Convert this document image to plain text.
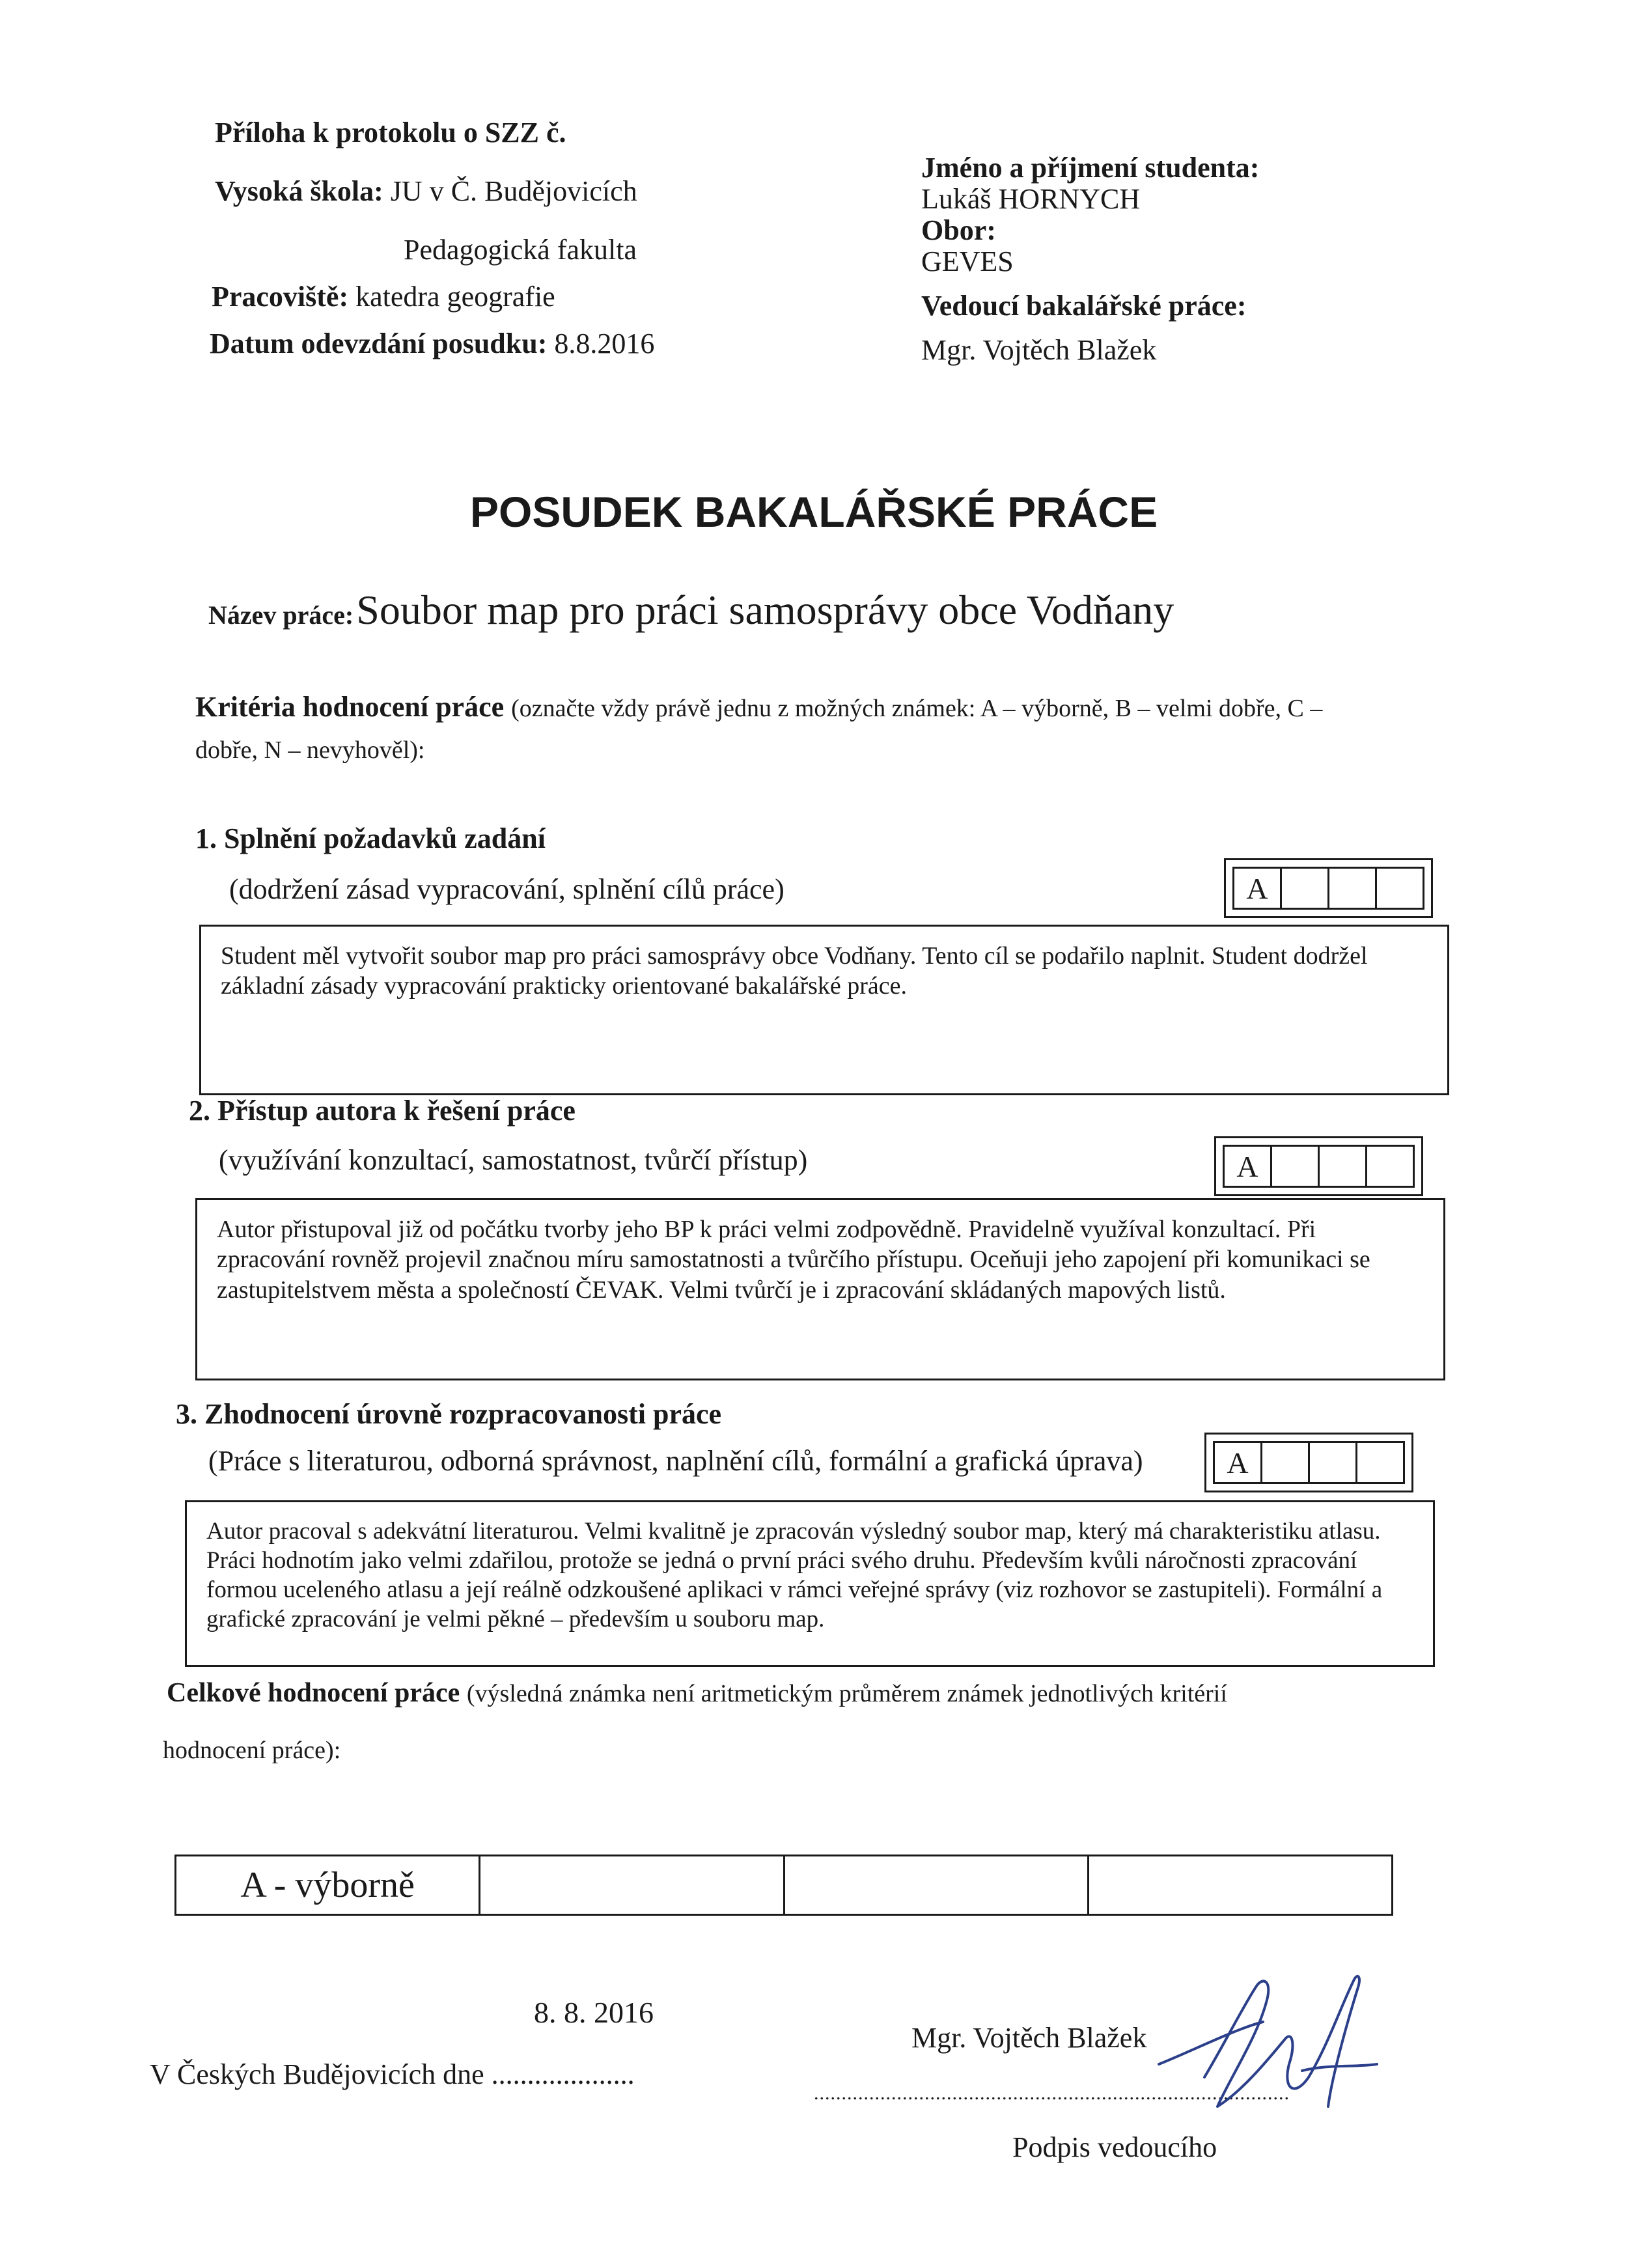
Příloha k protokolu o SZZ č.
Vysoká škola: JU v Č. Budějovicích
Pedagogická fakulta
Pracoviště: katedra geografie
Datum odevzdání posudku: 8.8.2016
Jméno a příjmení studenta:
Lukáš HORNYCH
Obor:
GEVES
Vedoucí bakalářské práce:
Mgr. Vojtěch Blažek
POSUDEK BAKALÁŘSKÉ PRÁCE
Název práce: Soubor map pro práci samosprávy obce Vodňany
Kritéria hodnocení práce (označte vždy právě jednu z možných známek: A – výborně, B – velmi dobře, C –
dobře, N – nevyhověl):
1. Splnění požadavků zadání
(dodržení zásad vypracování, splnění cílů práce)	A
Student měl vytvořit soubor map pro práci samosprávy obce Vodňany. Tento cíl se podařilo naplnit. Student dodržel základní zásady vypracování prakticky orientované bakalářské práce.
2. Přístup autora k řešení práce
(využívání konzultací, samostatnost, tvůrčí přístup)	A
Autor přistupoval již od počátku tvorby jeho BP k práci velmi zodpovědně. Pravidelně využíval konzultací. Při zpracování rovněž projevil značnou míru samostatnosti a tvůrčího přístupu. Oceňuji jeho zapojení při komunikaci se zastupitelstvem města a společností ČEVAK. Velmi tvůrčí je i zpracování skládaných mapových listů.
3. Zhodnocení úrovně rozpracovanosti práce
(Práce s literaturou, odborná správnost, naplnění cílů, formální a grafická úprava)	A
Autor pracoval s adekvátní literaturou. Velmi kvalitně je zpracován výsledný soubor map, který má charakteristiku atlasu. Práci hodnotím jako velmi zdařilou, protože se jedná o první práci svého druhu. Především kvůli náročnosti zpracování formou uceleného atlasu a její reálně odzkoušené aplikaci v rámci veřejné správy (viz rozhovor se zastupiteli). Formální a grafické zpracování je velmi pěkné – především u souboru map.
Celkové hodnocení práce (výsledná známka není aritmetickým průměrem známek jednotlivých kritérií
hodnocení práce):
A - výborně
8. 8. 2016
V Českých Budějovicích dne ....................
Mgr. Vojtěch Blažek
......................................................................................
Podpis vedoucího
